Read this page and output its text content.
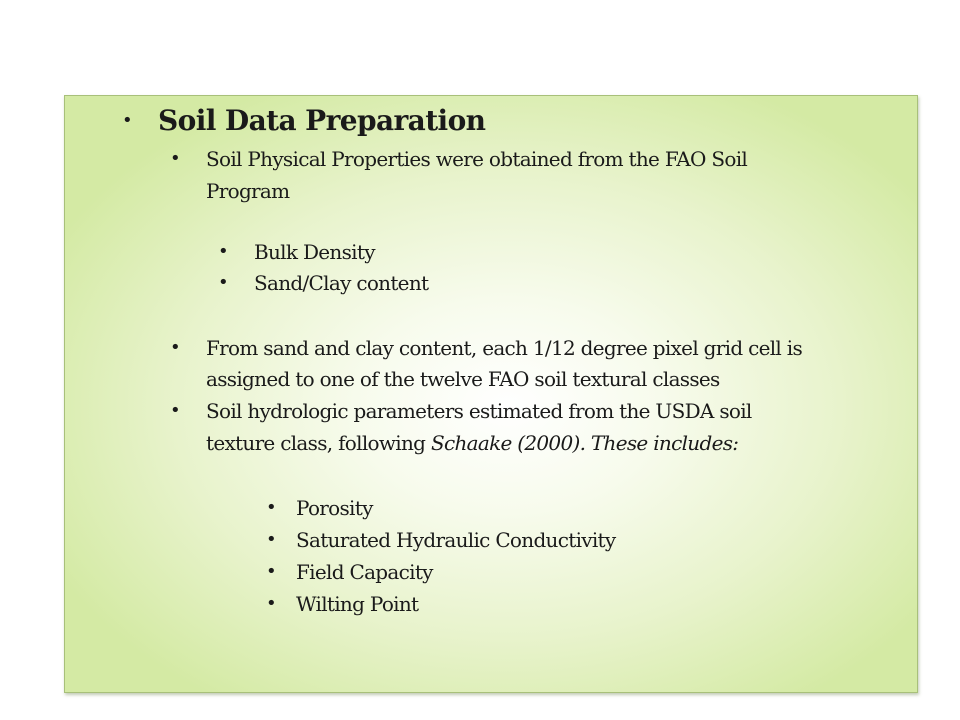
• Soil Data Preparation
• Soil Physical Properties were obtained from the FAO Soil
Program
• Bulk Density
• Sand/Clay content
• From sand and clay content, each 1/12 degree pixel grid cell is
assigned to one of the twelve FAO soil textural classes
• Soil hydrologic parameters estimated from the USDA soil
texture class, following Schaake (2000). These includes:
• Porosity
• Saturated Hydraulic Conductivity
• Field Capacity
• Wilting Point
